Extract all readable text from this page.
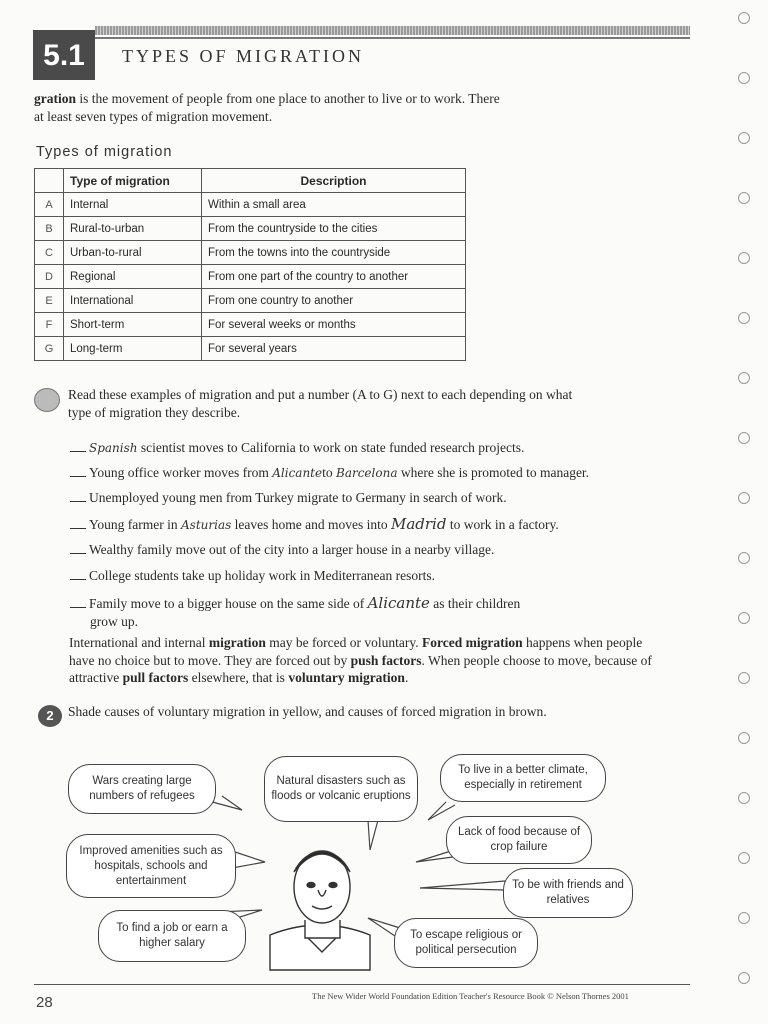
5.1	TYPES OF MIGRATION
gration is the movement of people from one place to another to live or to work. There
at least seven types of migration movement.
Types of migration
	Type of migration	Description
A	Internal	Within a small area
B	Rural-to-urban	From the countryside to the cities
C	Urban-to-rural	From the towns into the countryside
D	Regional	From one part of the country to another
E	International	From one country to another
F	Short-term	For several weeks or months
G	Long-term	For several years
Read these examples of migration and put a number (A to G) next to each depending on what
type of migration they describe.
Spanish scientist moves to California to work on state funded research projects.
Young office worker moves from Alicanteto Barcelona where she is promoted to manager.
Unemployed young men from Turkey migrate to Germany in search of work.
Young farmer in Asturias leaves home and moves into Madrid to work in a factory.
Wealthy family move out of the city into a larger house in a nearby village.
College students take up holiday work in Mediterranean resorts.
Family move to a bigger house on the same side of Alicante as their children
grow up.
International and internal migration may be forced or voluntary. Forced migration happens when people have no choice but to move. They are forced out by push factors. When people choose to move, because of attractive pull factors elsewhere, that is voluntary migration.
2	Shade causes of voluntary migration in yellow, and causes of forced migration in brown.
Wars creating large numbers of refugees
Natural disasters such as floods or volcanic eruptions
To live in a better climate, especially in retirement
Lack of food because of crop failure
Improved amenities such as hospitals, schools and entertainment	To be with friends and relatives
To find a job or earn a higher salary
To escape religious or political persecution
28	The New Wider World Foundation Edition Teacher's Resource Book © Nelson Thornes 2001
